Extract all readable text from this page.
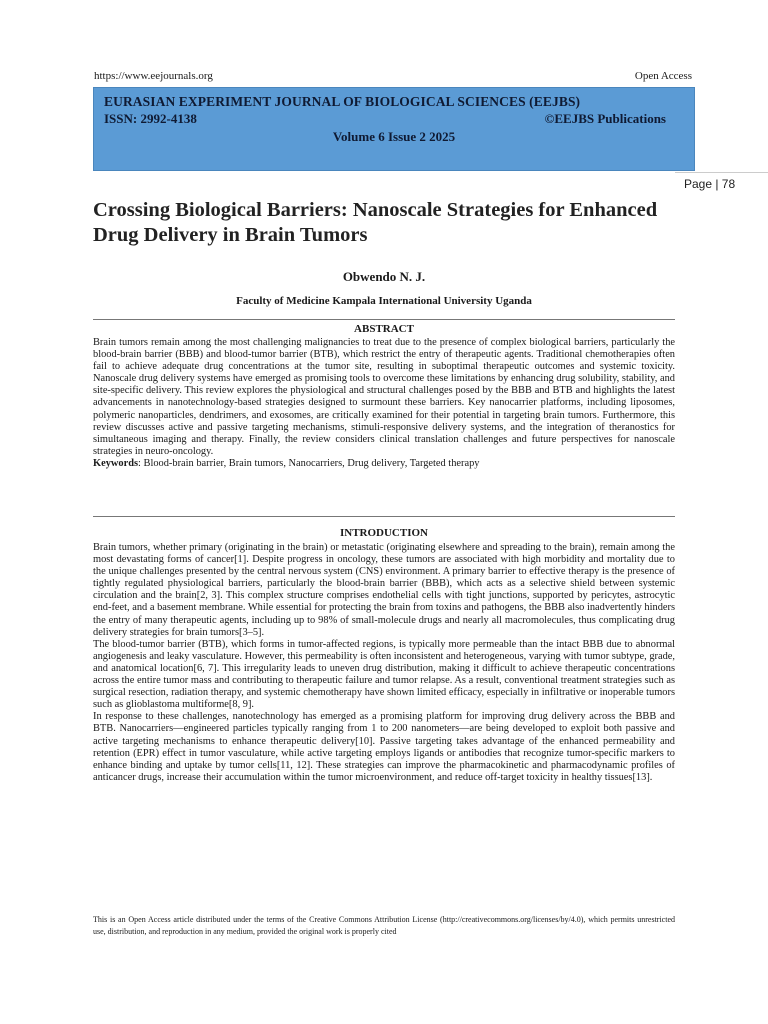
https://www.eejournals.org	Open Access
EURASIAN EXPERIMENT JOURNAL OF BIOLOGICAL SCIENCES (EEJBS)
ISSN: 2992-4138	©EEJBS Publications
Volume 6 Issue 2 2025
Page | 78
Crossing Biological Barriers: Nanoscale Strategies for Enhanced Drug Delivery in Brain Tumors
Obwendo N. J.
Faculty of Medicine Kampala International University Uganda
ABSTRACT

Brain tumors remain among the most challenging malignancies to treat due to the presence of complex biological barriers, particularly the blood-brain barrier (BBB) and blood-tumor barrier (BTB), which restrict the entry of therapeutic agents. Traditional chemotherapies often fail to achieve adequate drug concentrations at the tumor site, resulting in suboptimal therapeutic outcomes and systemic toxicity. Nanoscale drug delivery systems have emerged as promising tools to overcome these limitations by enhancing drug solubility, stability, and site-specific delivery. This review explores the physiological and structural challenges posed by the BBB and BTB and highlights the latest advancements in nanotechnology-based strategies designed to surmount these barriers. Key nanocarrier platforms, including liposomes, polymeric nanoparticles, dendrimers, and exosomes, are critically examined for their potential in targeting brain tumors. Furthermore, this review discusses active and passive targeting mechanisms, stimuli-responsive delivery systems, and the integration of theranostics for simultaneous imaging and therapy. Finally, the review considers clinical translation challenges and future perspectives for nanoscale strategies in neuro-oncology.

Keywords: Blood-brain barrier, Brain tumors, Nanocarriers, Drug delivery, Targeted therapy

INTRODUCTION

Brain tumors, whether primary (originating in the brain) or metastatic (originating elsewhere and spreading to the brain), remain among the most devastating forms of cancer[1]. Despite progress in oncology, these tumors are associated with high morbidity and mortality due to the unique challenges presented by the central nervous system (CNS) environment. A primary barrier to effective therapy is the presence of tightly regulated physiological barriers, particularly the blood-brain barrier (BBB), which acts as a selective shield between systemic circulation and the brain[2, 3]. This complex structure comprises endothelial cells with tight junctions, supported by pericytes, astrocytic end-feet, and a basement membrane. While essential for protecting the brain from toxins and pathogens, the BBB also inadvertently hinders the entry of many therapeutic agents, including up to 98% of small-molecule drugs and nearly all macromolecules, thus complicating drug delivery strategies for brain tumors[3–5].

The blood-tumor barrier (BTB), which forms in tumor-affected regions, is typically more permeable than the intact BBB due to abnormal angiogenesis and leaky vasculature. However, this permeability is often inconsistent and heterogeneous, varying with tumor subtype, grade, and anatomical location[6, 7]. This irregularity leads to uneven drug distribution, making it difficult to achieve therapeutic concentrations across the entire tumor mass and contributing to therapeutic failure and tumor relapse. As a result, conventional treatment strategies such as surgical resection, radiation therapy, and systemic chemotherapy have shown limited efficacy, especially in infiltrative or inoperable tumors such as glioblastoma multiforme[8, 9].

In response to these challenges, nanotechnology has emerged as a promising platform for improving drug delivery across the BBB and BTB. Nanocarriers—engineered particles typically ranging from 1 to 200 nanometers—are being developed to exploit both passive and active targeting mechanisms to enhance therapeutic delivery[10]. Passive targeting takes advantage of the enhanced permeability and retention (EPR) effect in tumor vasculature, while active targeting employs ligands or antibodies that recognize tumor-specific markers to enhance binding and uptake by tumor cells[11, 12]. These strategies can improve the pharmacokinetic and pharmacodynamic profiles of anticancer drugs, increase their accumulation within the tumor microenvironment, and reduce off-target toxicity in healthy tissues[13].

This is an Open Access article distributed under the terms of the Creative Commons Attribution License (http://creativecommons.org/licenses/by/4.0), which permits unrestricted use, distribution, and reproduction in any medium, provided the original work is properly cited
